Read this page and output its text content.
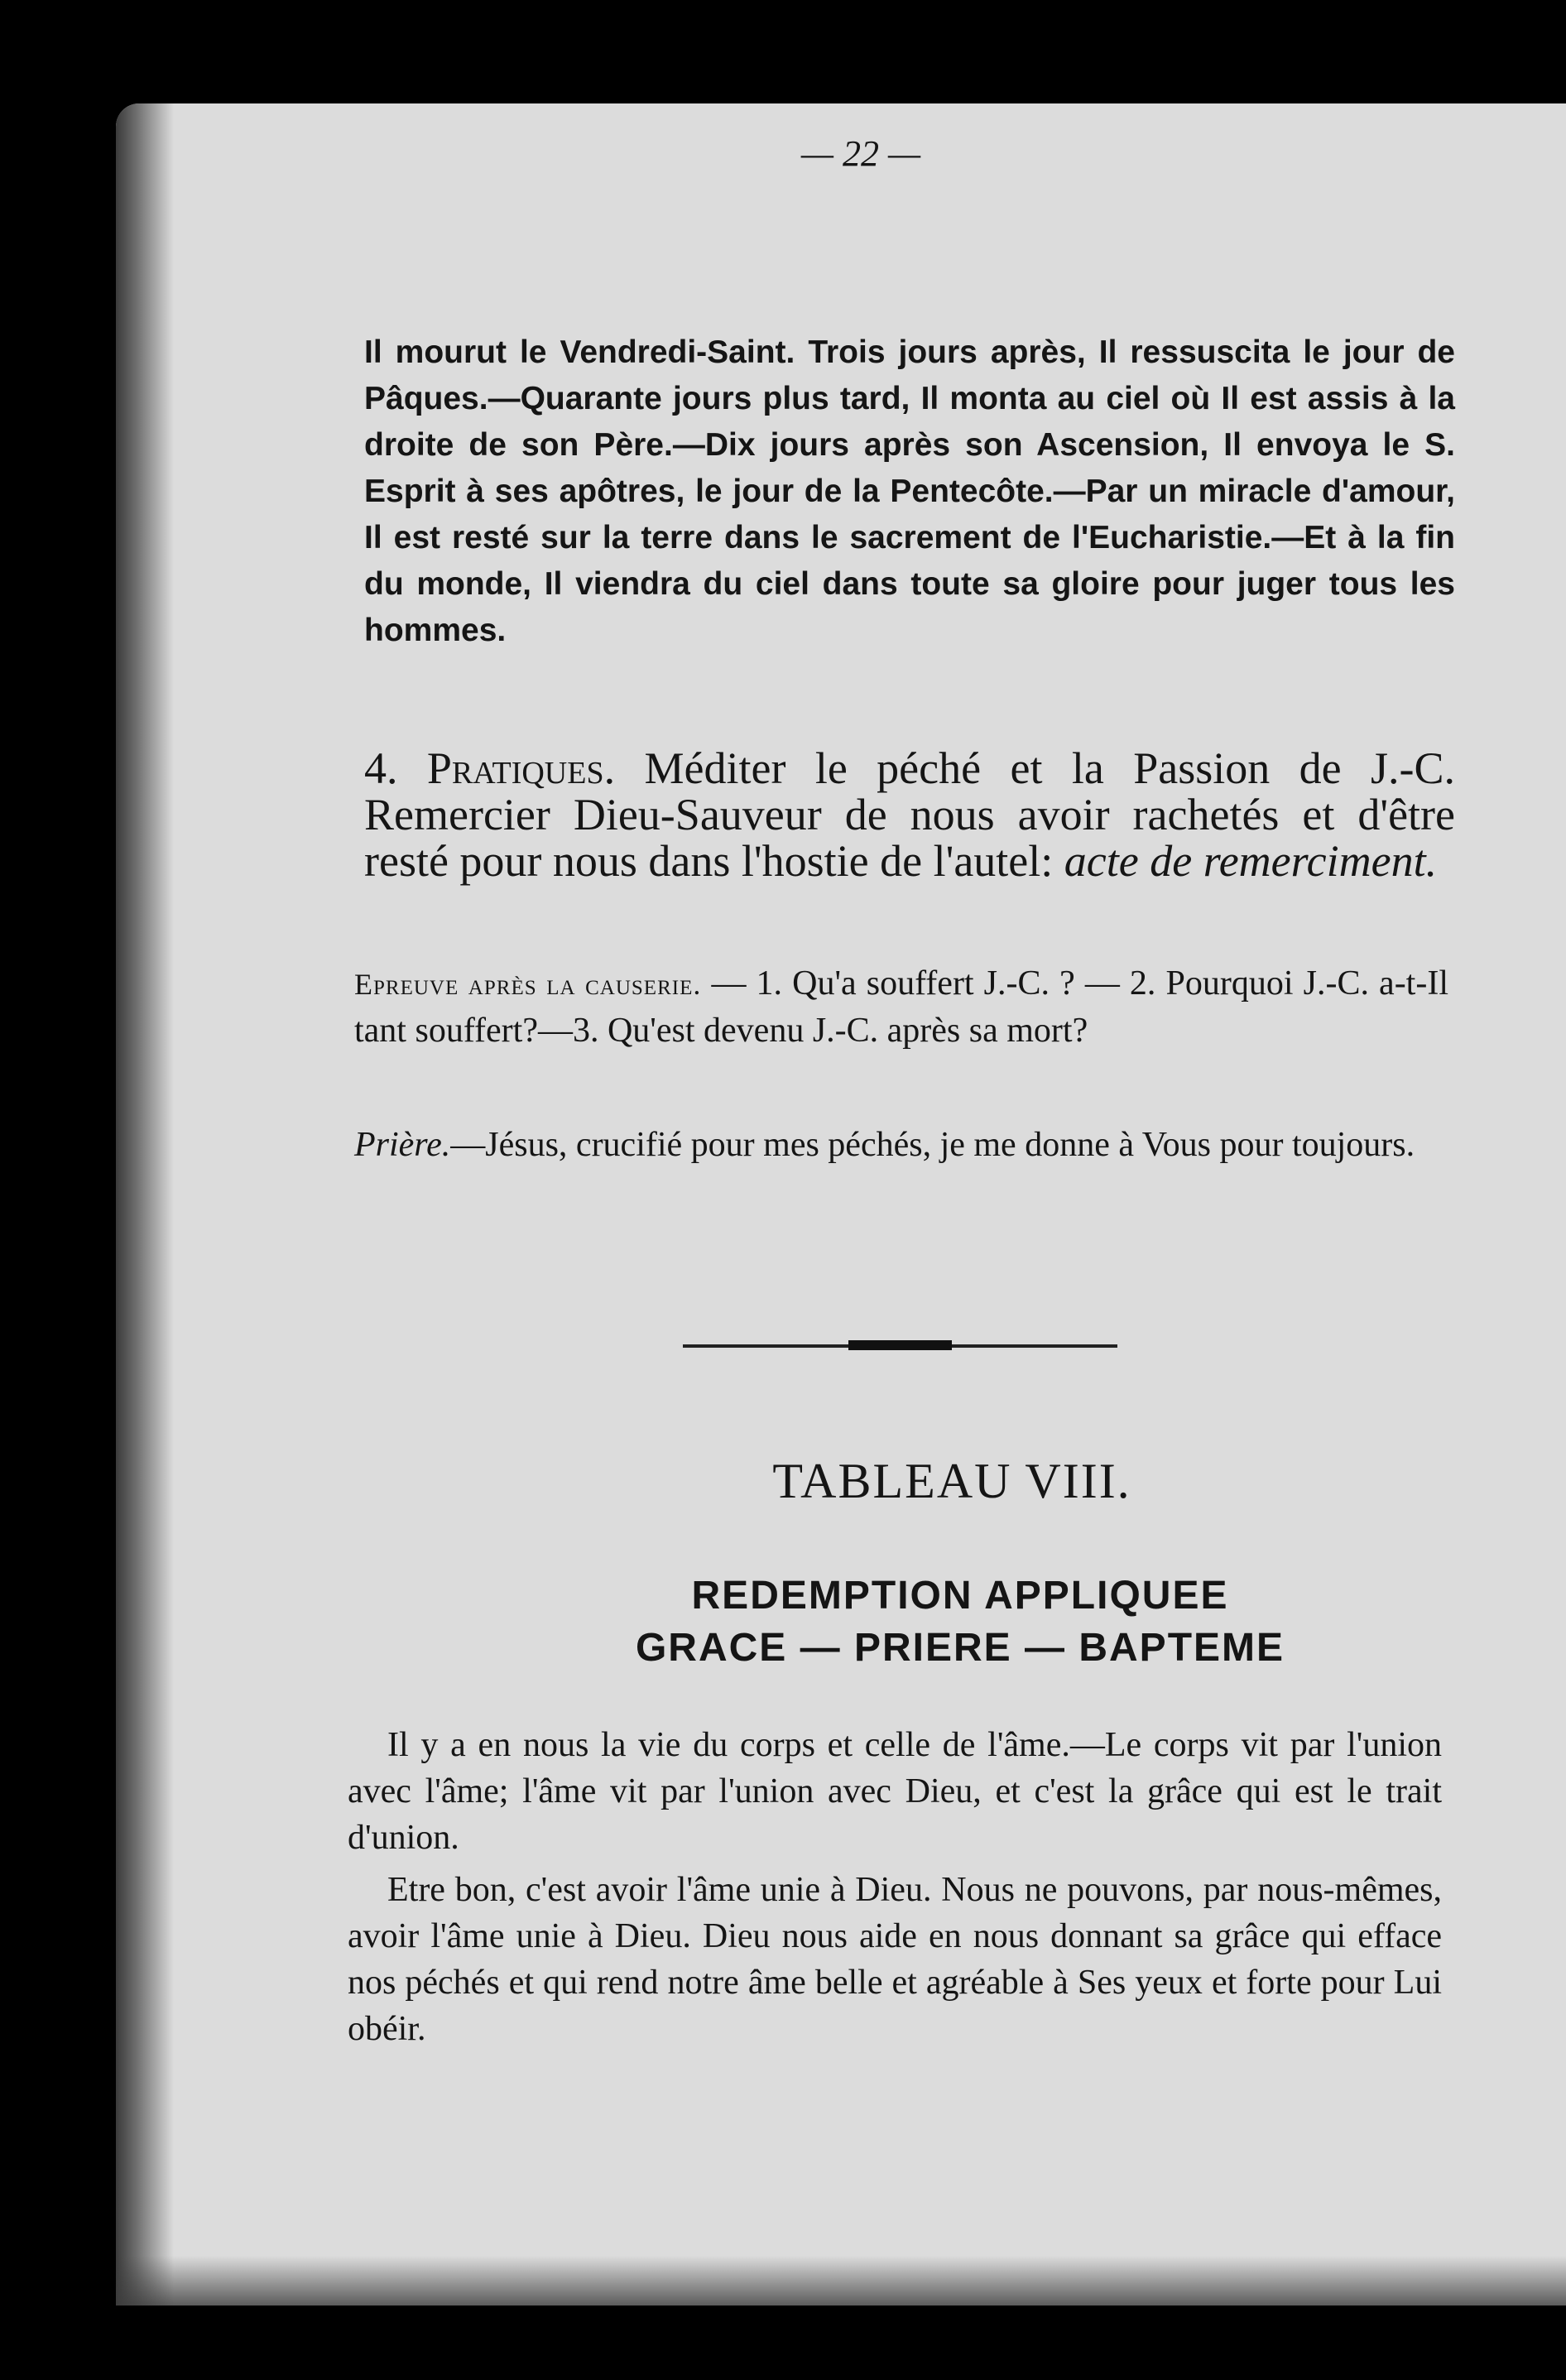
— 22 —
Il mourut le Vendredi-Saint. Trois jours après, Il ressuscita le jour de Pâques.—Quarante jours plus tard, Il monta au ciel où Il est assis à la droite de son Père.—Dix jours après son Ascension, Il envoya le S. Esprit à ses apôtres, le jour de la Pentecôte.—Par un miracle d'amour, Il est resté sur la terre dans le sacrement de l'Eucharistie.—Et à la fin du monde, Il viendra du ciel dans toute sa gloire pour juger tous les hommes.
4. Pratiques. Méditer le péché et la Passion de J.-C. Remercier Dieu-Sauveur de nous avoir rachetés et d'être resté pour nous dans l'hostie de l'autel: acte de remerciment.
Epreuve après la causerie. — 1. Qu'a souffert J.-C. ? — 2. Pourquoi J.-C. a-t-Il tant souffert?—3. Qu'est devenu J.-C. après sa mort?
Prière.—Jésus, crucifié pour mes péchés, je me donne à Vous pour toujours.
TABLEAU VIII.
REDEMPTION APPLIQUEE
GRACE — PRIERE — BAPTEME
Il y a en nous la vie du corps et celle de l'âme.—Le corps vit par l'union avec l'âme; l'âme vit par l'union avec Dieu, et c'est la grâce qui est le trait d'union.
Etre bon, c'est avoir l'âme unie à Dieu. Nous ne pouvons, par nous-mêmes, avoir l'âme unie à Dieu. Dieu nous aide en nous donnant sa grâce qui efface nos péchés et qui rend notre âme belle et agréable à Ses yeux et forte pour Lui obéir.
